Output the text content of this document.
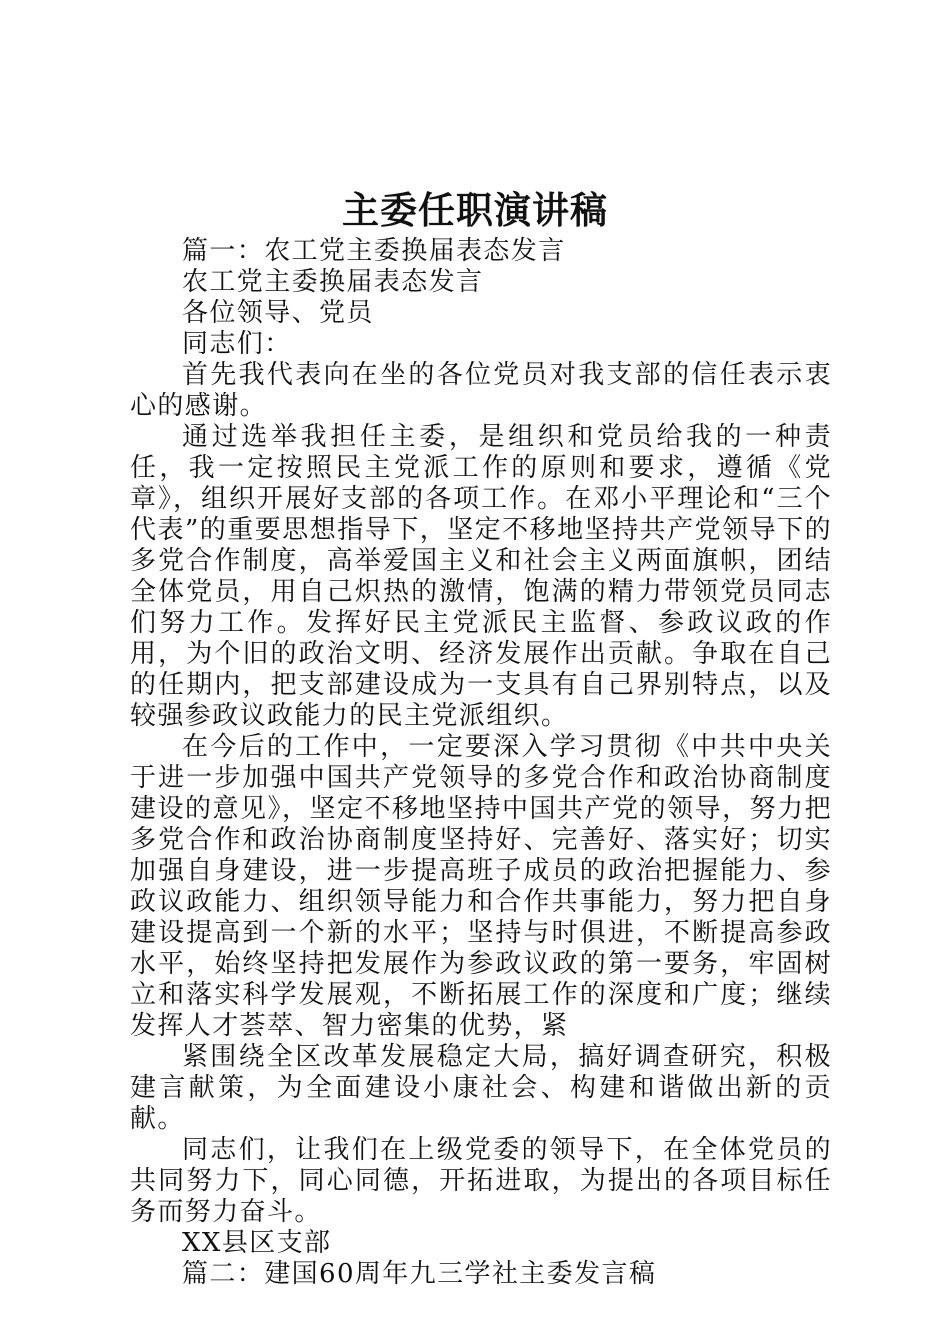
主委任职演讲稿

篇一：农工党主委换届表态发言

农工党主委换届表态发言

各位领导、党员

同志们：

首先我代表向在坐的各位党员对我支部的信任表示衷心的感谢。

通过选举我担任主委，是组织和党员给我的一种责任，我一定按照民主党派工作的原则和要求，遵循《党章》，组织开展好支部的各项工作。在邓小平理论和“三个代表”的重要思想指导下，坚定不移地坚持共产党领导下的多党合作制度，高举爱国主义和社会主义两面旗帜，团结全体党员，用自己炽热的激情，饱满的精力带领党员同志们努力工作。发挥好民主党派民主监督、参政议政的作用，为个旧的政治文明、经济发展作出贡献。争取在自己的任期内，把支部建设成为一支具有自己界别特点，以及较强参政议政能力的民主党派组织。

在今后的工作中，一定要深入学习贯彻《中共中央关于进一步加强中国共产党领导的多党合作和政治协商制度建设的意见》，坚定不移地坚持中国共产党的领导，努力把多党合作和政治协商制度坚持好、完善好、落实好；切实加强自身建设，进一步提高班子成员的政治把握能力、参政议政能力、组织领导能力和合作共事能力，努力把自身建设提高到一个新的水平；坚持与时俱进，不断提高参政水平，始终坚持把发展作为参政议政的第一要务，牢固树立和落实科学发展观，不断拓展工作的深度和广度；继续发挥人才荟萃、智力密集的优势，紧

紧围绕全区改革发展稳定大局，搞好调查研究，积极建言献策，为全面建设小康社会、构建和谐做出新的贡献。

同志们，让我们在上级党委的领导下，在全体党员的共同努力下，同心同德，开拓进取，为提出的各项目标任务而努力奋斗。

XX县区支部

篇二：建国60周年九三学社主委发言稿
